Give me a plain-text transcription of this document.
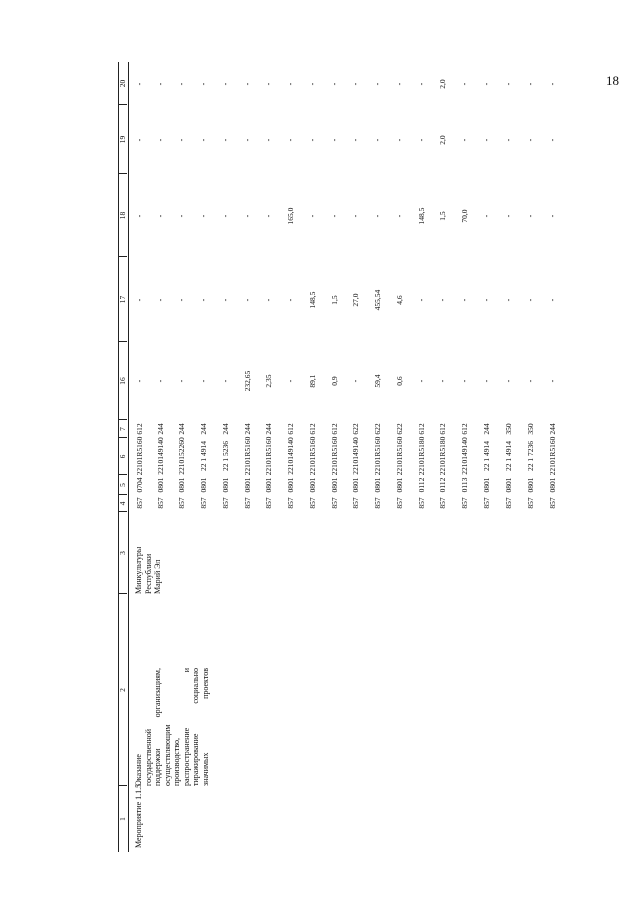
18
1
2
3
4
5
6
7
16
17
18
19
20
Мероприятие 1.1.5.
Оказание государственной поддержки организациям, осуществляющим производство, распространение и тиражирование социально значимых проектов
Минкультуры Республики Марий Эл
857
0704
22101R5160
612
-
-
-
-
-
857
0801
2210149140
244
-
-
-
-
-
857
0801
2210152260
244
-
-
-
-
-
857
0801
22 1 4914
244
-
-
-
-
-
857
0801
22 1 5236
244
-
-
-
-
-
857
0801
22101R5160
244
232,65
-
-
-
-
857
0801
22101R5160
244
2,35
-
-
-
-
857
0801
2210149140
612
-
-
165,0
-
-
857
0801
22101R5160
612
89,1
148,5
-
-
-
857
0801
22101R5160
612
0,9
1,5
-
-
-
857
0801
2210149140
622
-
27,0
-
-
-
857
0801
22101R5160
622
59,4
455,54
-
-
-
857
0801
22101R5160
622
0,6
4,6
-
-
-
857
0112
22101R5180
612
-
-
148,5
-
-
857
0112
22101R5180
612
-
-
1,5
2,0
2,0
857
0113
2210149140
612
-
-
70,0
-
-
857
0801
22 1 4914
244
-
-
-
-
-
857
0801
22 1 4914
350
-
-
-
-
-
857
0801
22 1 7236
350
-
-
-
-
-
857
0801
22101R5160
244
-
-
-
-
-
